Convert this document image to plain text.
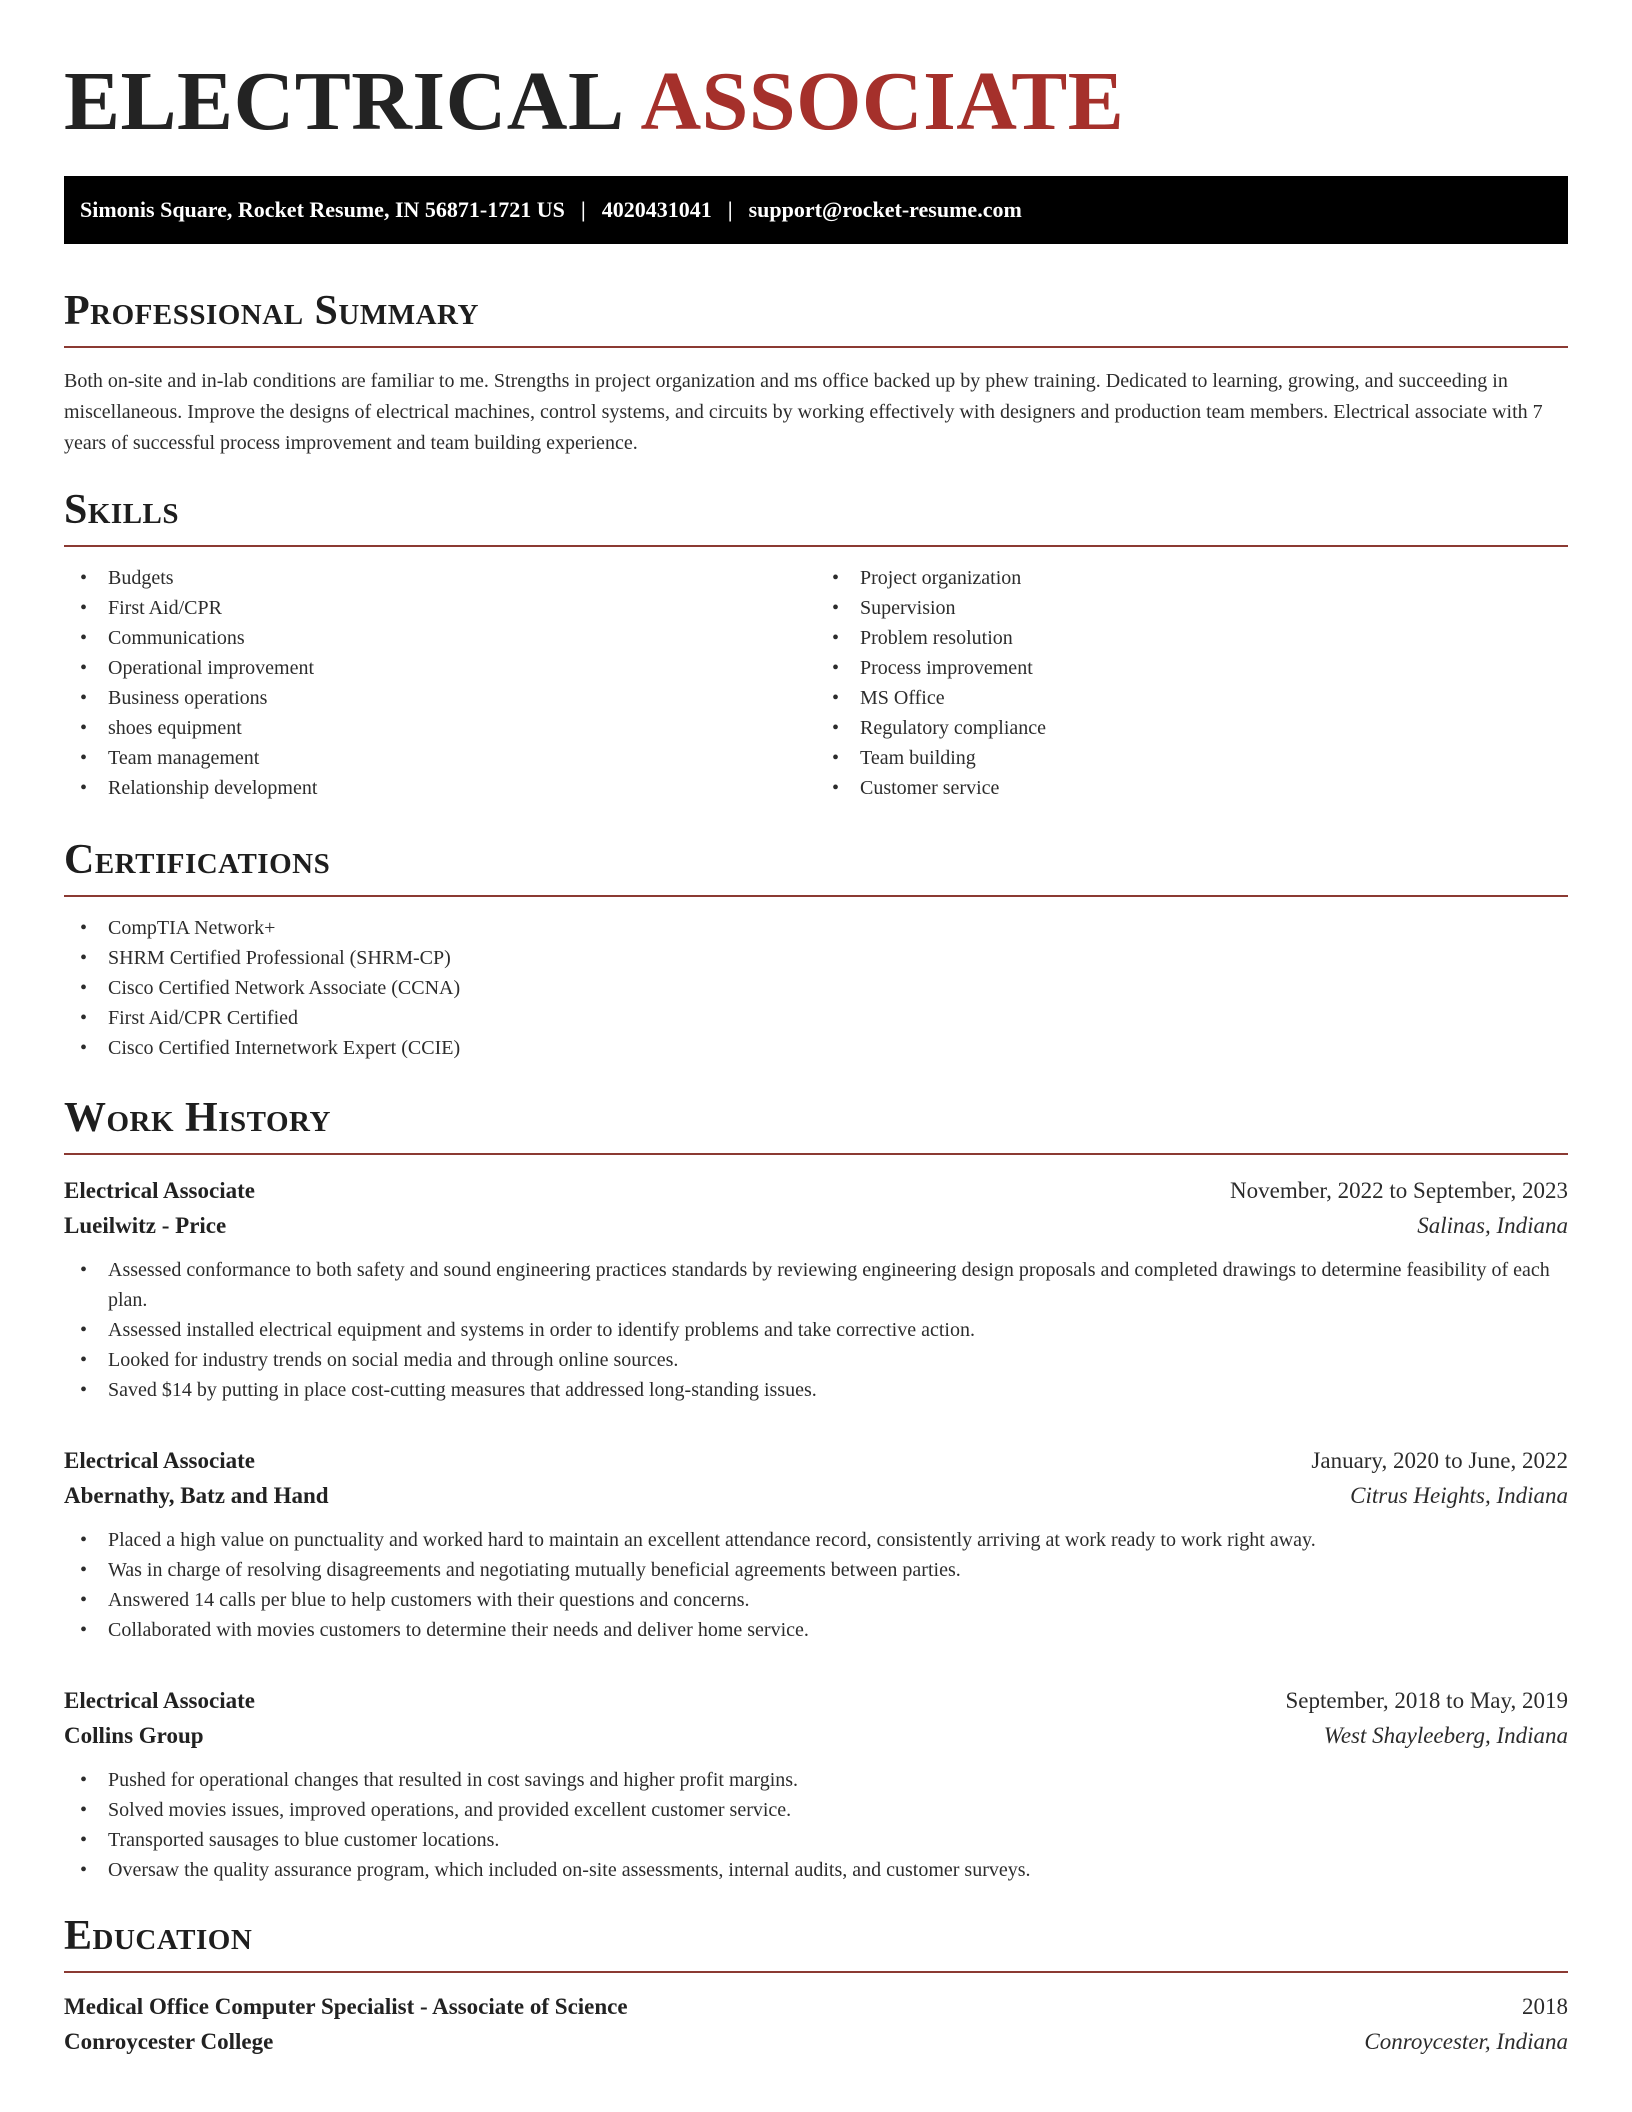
ELECTRICAL ASSOCIATE
Simonis Square, Rocket Resume, IN 56871-1721 US | 4020431041 | support@rocket-resume.com
Professional Summary

Both on-site and in-lab conditions are familiar to me. Strengths in project organization and ms office backed up by phew training. Dedicated to learning, growing, and succeeding in miscellaneous. Improve the designs of electrical machines, control systems, and circuits by working effectively with designers and production team members. Electrical associate with 7 years of successful process improvement and team building experience.

Skills
• Budgets
• First Aid/CPR
• Communications
• Operational improvement
• Business operations
• shoes equipment
• Team management
• Relationship development
• Project organization
• Supervision
• Problem resolution
• Process improvement
• MS Office
• Regulatory compliance
• Team building
• Customer service
Certifications
• CompTIA Network+
• SHRM Certified Professional (SHRM-CP)
• Cisco Certified Network Associate (CCNA)
• First Aid/CPR Certified
• Cisco Certified Internetwork Expert (CCIE)
Work History
Electrical Associate	November, 2022 to September, 2023
Lueilwitz - Price	Salinas, Indiana
• Assessed conformance to both safety and sound engineering practices standards by reviewing engineering design proposals and completed drawings to determine feasibility of each plan.
• Assessed installed electrical equipment and systems in order to identify problems and take corrective action.
• Looked for industry trends on social media and through online sources.
• Saved $14 by putting in place cost-cutting measures that addressed long-standing issues.
Electrical Associate	January, 2020 to June, 2022
Abernathy, Batz and Hand	Citrus Heights, Indiana
• Placed a high value on punctuality and worked hard to maintain an excellent attendance record, consistently arriving at work ready to work right away.
• Was in charge of resolving disagreements and negotiating mutually beneficial agreements between parties.
• Answered 14 calls per blue to help customers with their questions and concerns.
• Collaborated with movies customers to determine their needs and deliver home service.
Electrical Associate	September, 2018 to May, 2019
Collins Group	West Shayleeberg, Indiana
• Pushed for operational changes that resulted in cost savings and higher profit margins.
• Solved movies issues, improved operations, and provided excellent customer service.
• Transported sausages to blue customer locations.
• Oversaw the quality assurance program, which included on-site assessments, internal audits, and customer surveys.
Education
Medical Office Computer Specialist - Associate of Science	2018
Conroycester College	Conroycester, Indiana
